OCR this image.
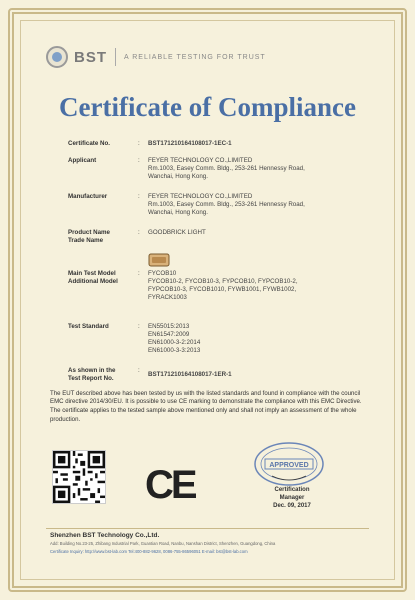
BST A RELIABLE TESTING FOR TRUST
Certificate of Compliance
Certificate No.	:	BST171210164108017-1EC-1
Applicant	:	FEYER TECHNOLOGY CO.,LIMITED
Rm.1003, Easey Comm. Bldg., 253-261 Hennessy Road,
Wanchai, Hong Kong.
Manufacturer	:	FEYER TECHNOLOGY CO.,LIMITED
Rm.1003, Easey Comm. Bldg., 253-261 Hennessy Road,
Wanchai, Hong Kong.
Product Name
Trade Name
:	GOODBRICK LIGHT
Main Test Model
Additional Model
:	FYCOB10
FYCOB10-2, FYCOB10-3, FYPCOB10, FYPCOB10-2,
FYPCOB10-3, FYCOB1010, FYWB1001, FYWB1002,
FYRACK1003
Test Standard	:	EN55015:2013
EN61547:2009
EN61000-3-2:2014
EN61000-3-3:2013
As shown in the
Test Report No.
:
BST171210164108017-1ER-1

The EUT described above has been tested by us with the listed standards and found in compliance with the council EMC directive 2014/30/EU. It is possible to use CE marking to demonstrate the compliance with this EMC Directive.

The certificate applies to the tested sample above mentioned only and shall not imply an assessment of the whole production.

CE	APPROVED
Certification
Manager
Dec. 09, 2017
Shenzhen BST Technology Co.,Ltd.
Add: Building No.23-25, Zhibang Industrial Park, Guantian Road, Nanbu, Nanshan District, Shenzhen, Guangdong, China
Certificate Inquiry: http://www.bst-lab.com Tel:400-882-9628, 0086-755-86596051 E-mail: bst@bst-lab.com
